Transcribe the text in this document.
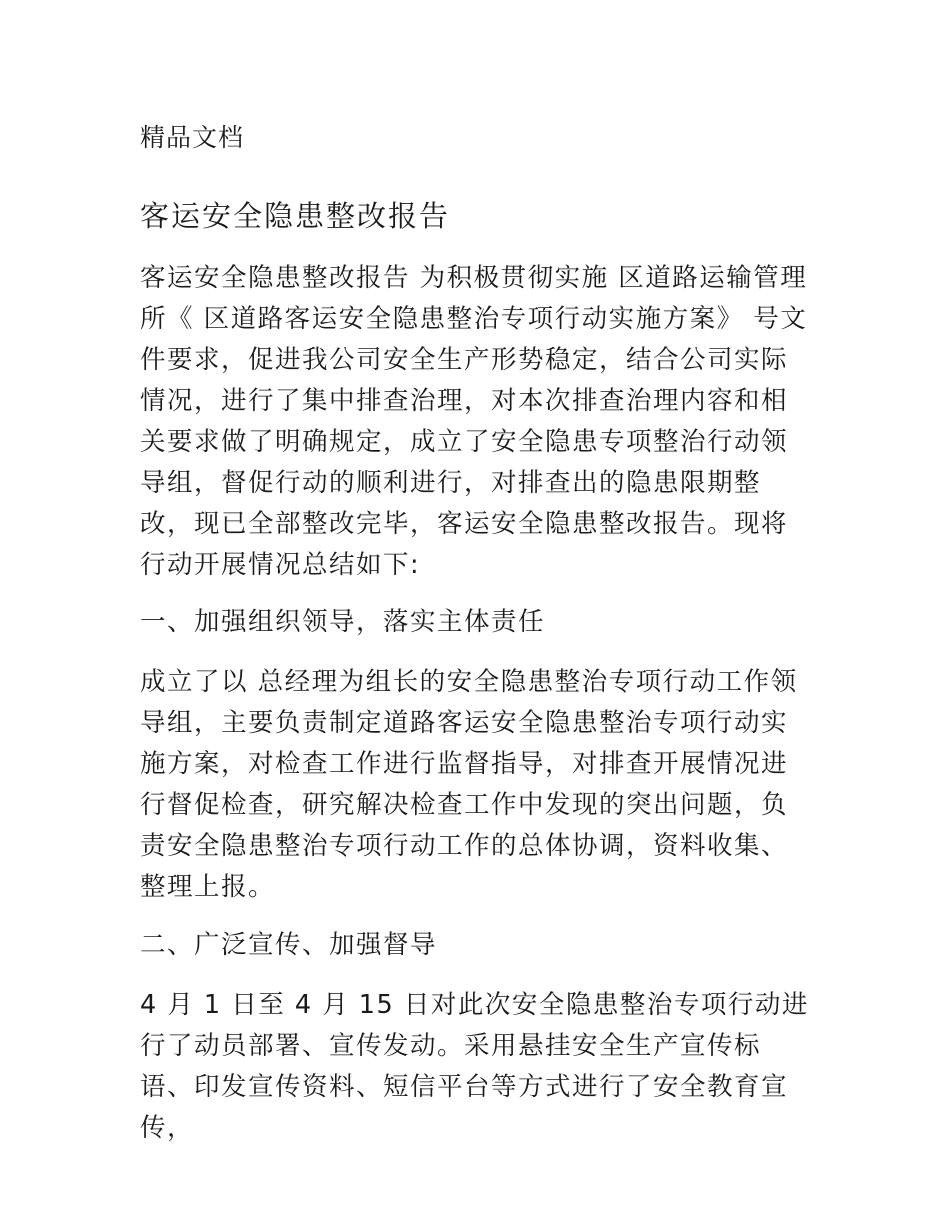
精品文档
客运安全隐患整改报告

客运安全隐患整改报告 为积极贯彻实施 区道路运输管理所《 区道路客运安全隐患整治专项行动实施方案》 号文件要求，促进我公司安全生产形势稳定，结合公司实际情况，进行了集中排查治理，对本次排查治理内容和相关要求做了明确规定，成立了安全隐患专项整治行动领导组，督促行动的顺利进行，对排查出的隐患限期整改，现已全部整改完毕，客运安全隐患整改报告。现将行动开展情况总结如下:

一、加强组织领导，落实主体责任

成立了以 总经理为组长的安全隐患整治专项行动工作领导组，主要负责制定道路客运安全隐患整治专项行动实施方案，对检查工作进行监督指导，对排查开展情况进行督促检查，研究解决检查工作中发现的突出问题，负责安全隐患整治专项行动工作的总体协调，资料收集、整理上报。

二、广泛宣传、加强督导

4 月 1 日至 4 月 15 日对此次安全隐患整治专项行动进行了动员部署、宣传发动。采用悬挂安全生产宣传标语、印发宣传资料、短信平台等方式进行了安全教育宣传，
